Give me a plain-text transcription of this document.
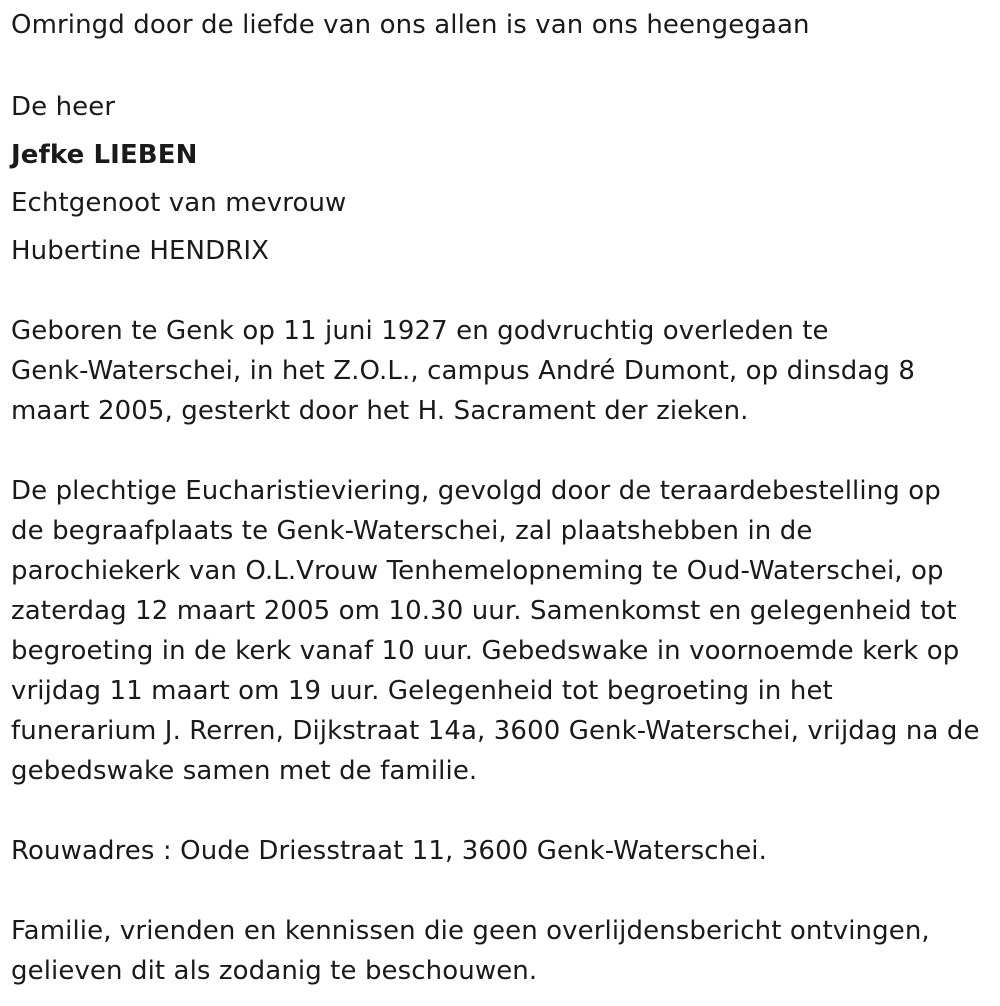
Omringd door de liefde van ons allen is van ons heengegaan
De heer
Jefke LIEBEN
Echtgenoot van mevrouw
Hubertine HENDRIX
Geboren te Genk op 11 juni 1927 en godvruchtig overleden te
Genk-Waterschei, in het Z.O.L., campus André Dumont, op dinsdag 8
maart 2005, gesterkt door het H. Sacrament der zieken.
De plechtige Eucharistieviering, gevolgd door de teraardebestelling op
de begraafplaats te Genk-Waterschei, zal plaatshebben in de
parochiekerk van O.L.Vrouw Tenhemelopneming te Oud-Waterschei, op
zaterdag 12 maart 2005 om 10.30 uur. Samenkomst en gelegenheid tot
begroeting in de kerk vanaf 10 uur. Gebedswake in voornoemde kerk op
vrijdag 11 maart om 19 uur. Gelegenheid tot begroeting in het
funerarium J. Rerren, Dijkstraat 14a, 3600 Genk-Waterschei, vrijdag na de
gebedswake samen met de familie.
Rouwadres : Oude Driesstraat 11, 3600 Genk-Waterschei.
Familie, vrienden en kennissen die geen overlijdensbericht ontvingen,
gelieven dit als zodanig te beschouwen.
